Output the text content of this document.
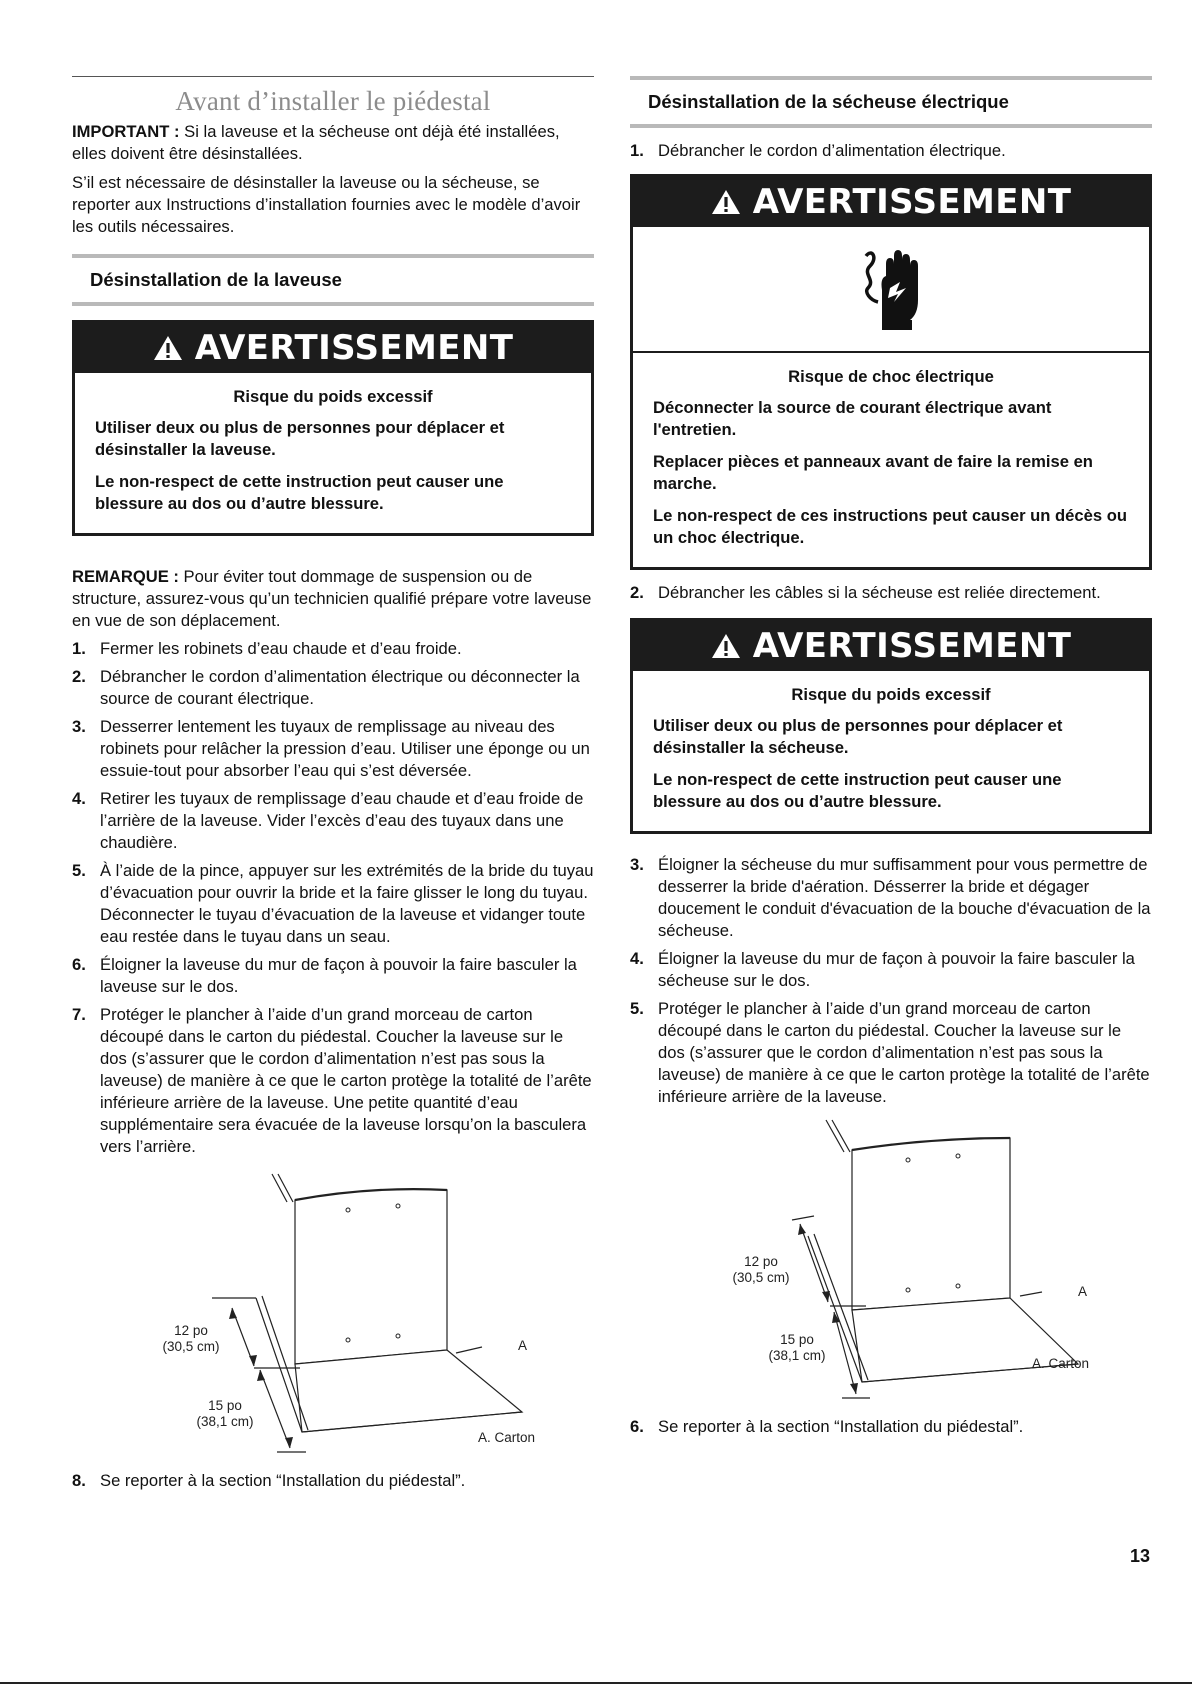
Avant d’installer le piédestal

IMPORTANT : Si la laveuse et la sécheuse ont déjà été installées, elles doivent être désinstallées.

S’il est nécessaire de désinstaller la laveuse ou la sécheuse, se reporter aux Instructions d’installation fournies avec le modèle d’avoir les outils nécessaires.

Désinstallation de la laveuse
AVERTISSEMENT
Risque du poids excessif

Utiliser deux ou plus de personnes pour déplacer et désinstaller la laveuse.

Le non-respect de cette instruction peut causer une blessure au dos ou d’autre blessure.

REMARQUE : Pour éviter tout dommage de suspension ou de structure, assurez-vous qu’un technicien qualifié prépare votre laveuse en vue de son déplacement.

1. Fermer les robinets d’eau chaude et d’eau froide.
2. Débrancher le cordon d’alimentation électrique ou déconnecter la source de courant électrique.
3. Desserrer lentement les tuyaux de remplissage au niveau des robinets pour relâcher la pression d’eau. Utiliser une éponge ou un essuie-tout pour absorber l’eau qui s’est déversée.
4. Retirer les tuyaux de remplissage d’eau chaude et d’eau froide de l’arrière de la laveuse. Vider l’excès d’eau des tuyaux dans une chaudière.
5. À l’aide de la pince, appuyer sur les extrémités de la bride du tuyau d’évacuation pour ouvrir la bride et la faire glisser le long du tuyau. Déconnecter le tuyau d’évacuation de la laveuse et vidanger toute eau restée dans le tuyau dans un seau.
6. Éloigner la laveuse du mur de façon à pouvoir la faire basculer la laveuse sur le dos.
7. Protéger le plancher à l’aide d’un grand morceau de carton découpé dans le carton du piédestal. Coucher la laveuse sur le dos (s’assurer que le cordon d’alimentation n’est pas sous la laveuse) de manière à ce que le carton protège la totalité de l’arête inférieure arrière de la laveuse. Une petite quantité d’eau supplémentaire sera évacuée de la laveuse lorsqu’on la basculera vers l’arrière.
12 po
(30,5 cm)
15 po
(38,1 cm)
A
A. Carton
8. Se reporter à la section “Installation du piédestal”.
Désinstallation de la sécheuse électrique
1. Débrancher le cordon d’alimentation électrique.
AVERTISSEMENT
Risque de choc électrique

Déconnecter la source de courant électrique avant l'entretien.

Replacer pièces et panneaux avant de faire la remise en marche.

Le non-respect de ces instructions peut causer un décès ou un choc électrique.

2. Débrancher les câbles si la sécheuse est reliée directement.
AVERTISSEMENT
Risque du poids excessif

Utiliser deux ou plus de personnes pour déplacer et désinstaller la sécheuse.

Le non-respect de cette instruction peut causer une blessure au dos ou d’autre blessure.

3. Éloigner la sécheuse du mur suffisamment pour vous permettre de desserrer la bride d'aération. Désserrer la bride et dégager doucement le conduit d'évacuation de la bouche d'évacuation de la sécheuse.
4. Éloigner la laveuse du mur de façon à pouvoir la faire basculer la sécheuse sur le dos.
5. Protéger le plancher à l’aide d’un grand morceau de carton découpé dans le carton du piédestal. Coucher la laveuse sur le dos (s’assurer que le cordon d’alimentation n’est pas sous la laveuse) de manière à ce que le carton protège la totalité de l’arête inférieure arrière de la laveuse.
12 po
(30,5 cm)
15 po
(38,1 cm)
A
A. Carton
6. Se reporter à la section “Installation du piédestal”.
13
